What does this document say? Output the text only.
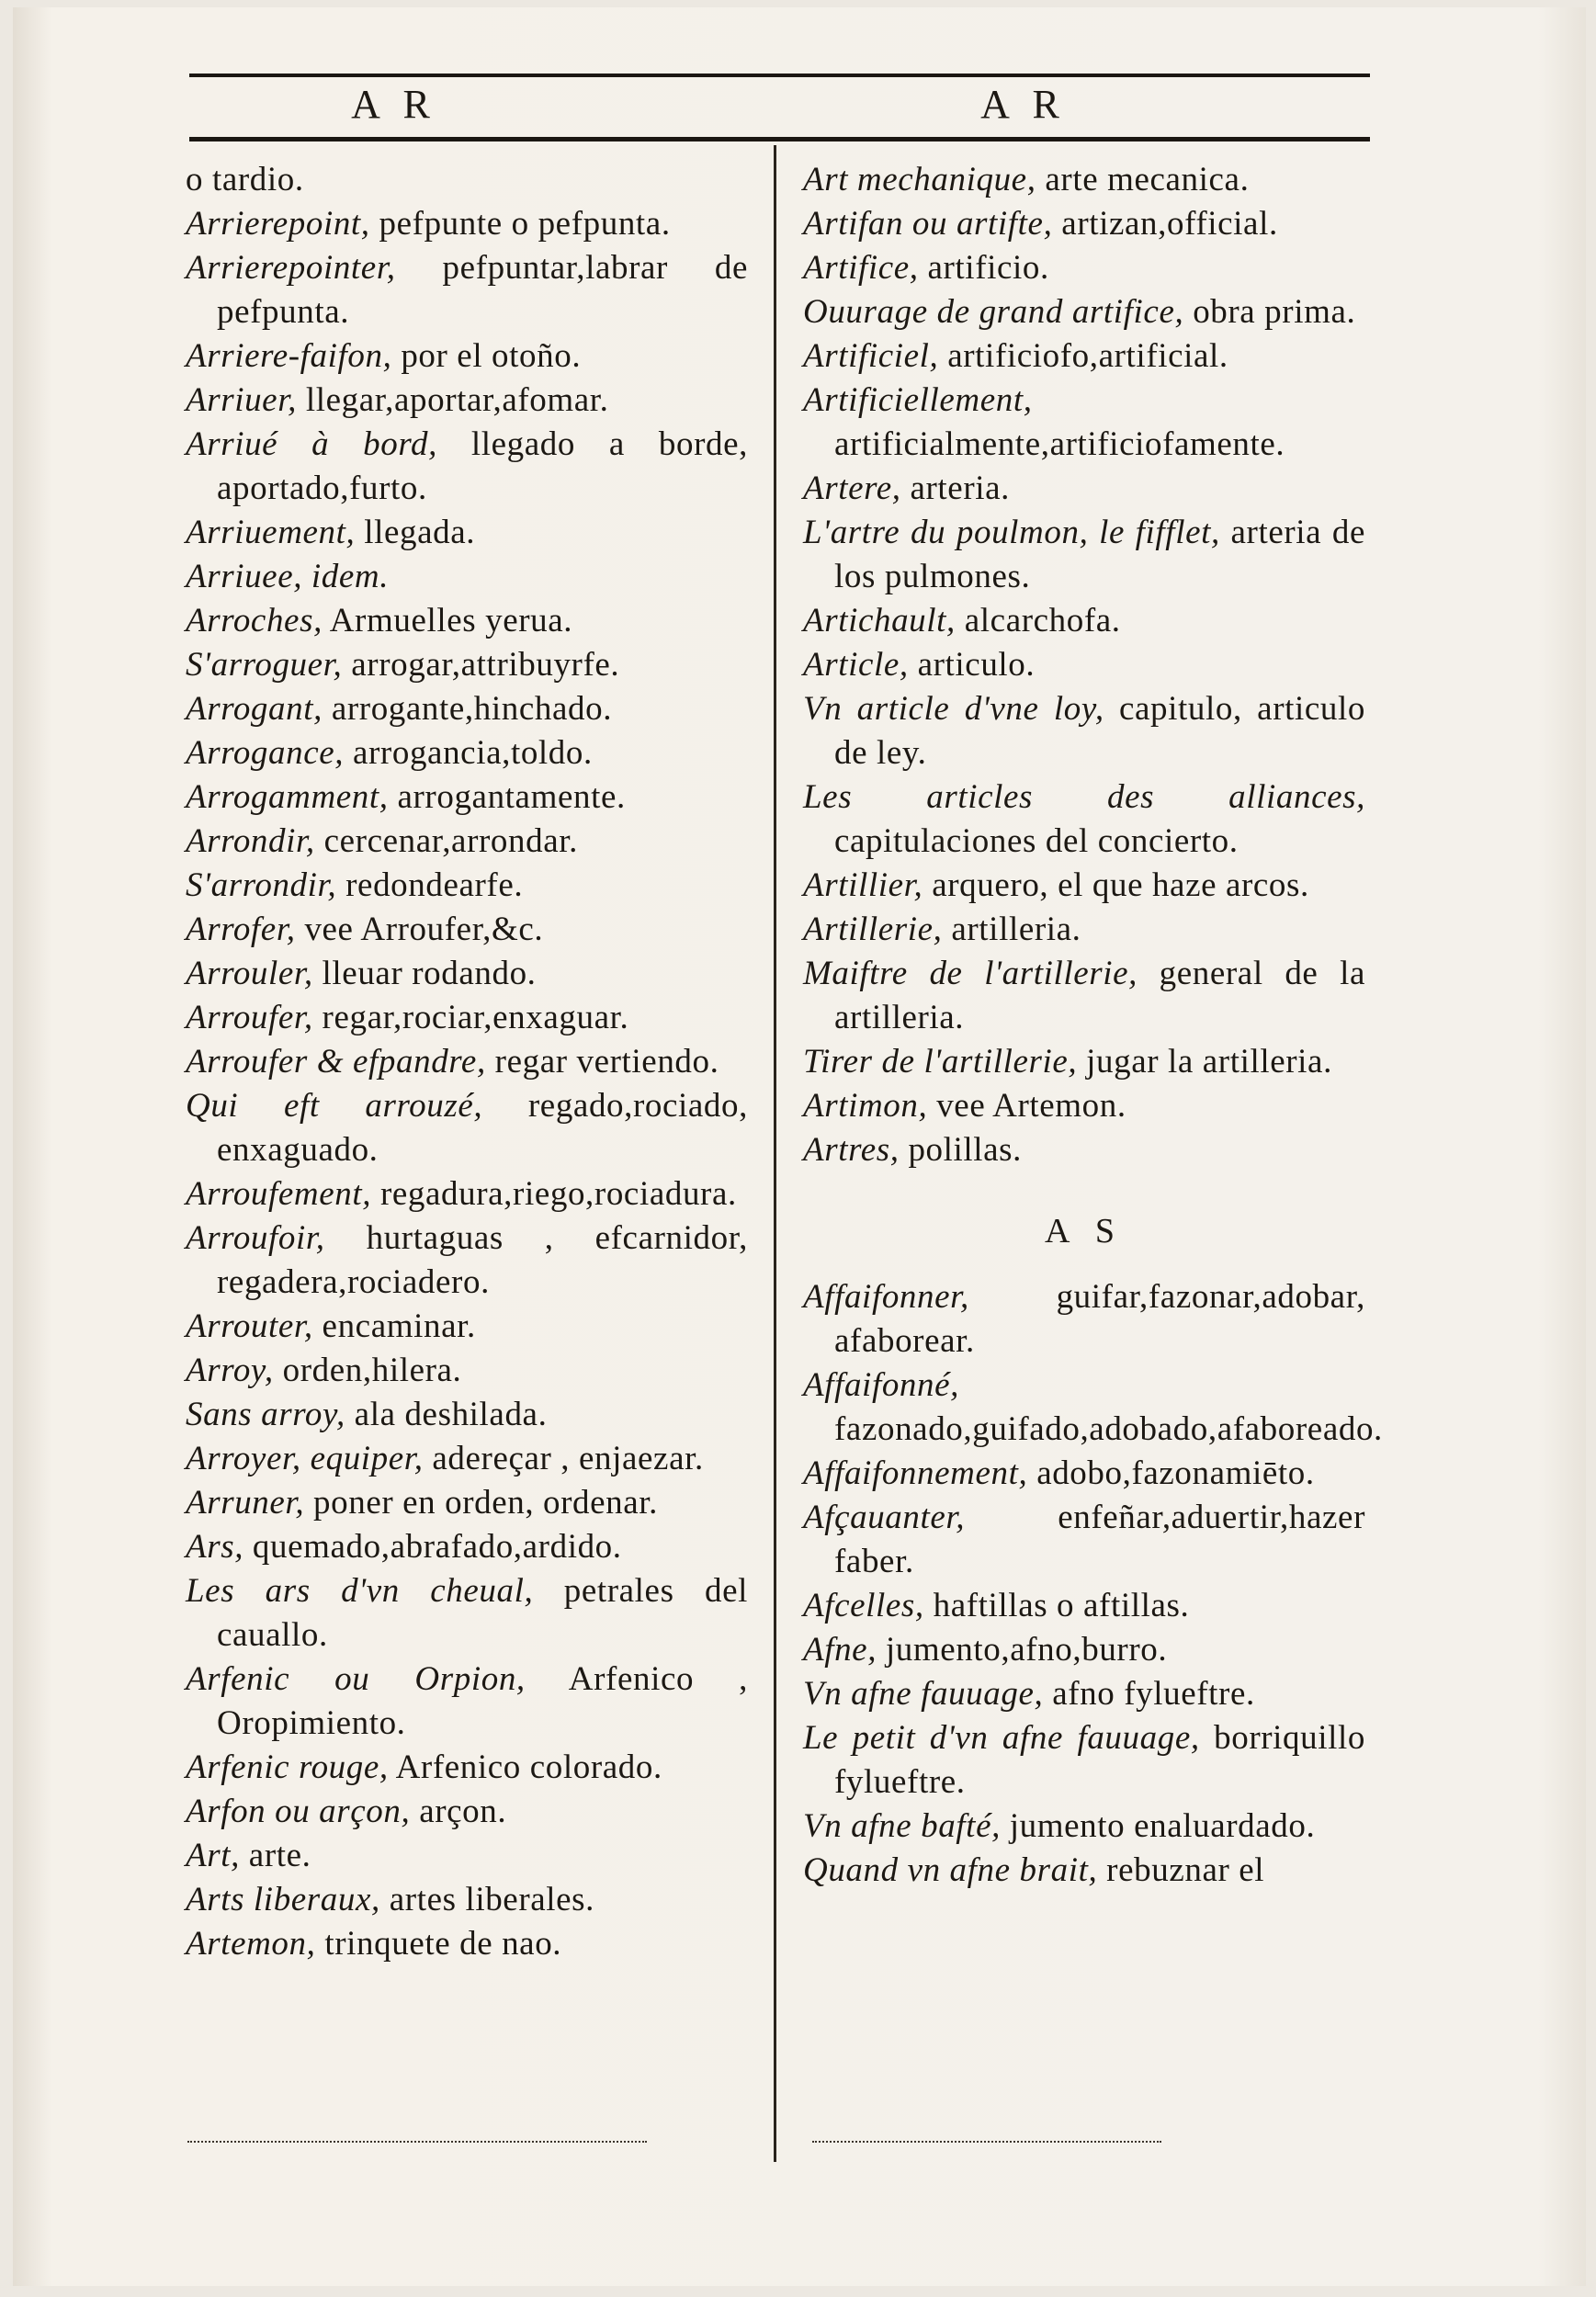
A R	A R

o tardio.

Arrierepoint, pefpunte o pefpunta.

Arrierepointer, pefpuntar,labrar de pefpunta.

Arriere-faifon, por el otoño.

Arriuer, llegar,aportar,afomar.

Arriué à bord, llegado a borde, aportado,furto.

Arriuement, llegada.

Arriuee, idem.

Arroches, Armuelles yerua.

S'arroguer, arrogar,attribuyrfe.

Arrogant, arrogante,hinchado.

Arrogance, arrogancia,toldo.

Arrogamment, arrogantamente.

Arrondir, cercenar,arrondar.

S'arrondir, redondearfe.

Arrofer, vee Arroufer,&c.

Arrouler, lleuar rodando.

Arroufer, regar,rociar,enxaguar.

Arroufer & efpandre, regar vertiendo.

Qui eft arrouzé, regado,rociado, enxaguado.

Arroufement, regadura,riego,rociadura.

Arroufoir, hurtaguas , efcarnidor, regadera,rociadero.

Arrouter, encaminar.

Arroy, orden,hilera.

Sans arroy, ala deshilada.

Arroyer, equiper, adereçar , enjaezar.

Arruner, poner en orden, ordenar.

Ars, quemado,abrafado,ardido.

Les ars d'vn cheual, petrales del cauallo.

Arfenic ou Orpion, Arfenico , Oropimiento.

Arfenic rouge, Arfenico colorado.

Arfon ou arçon, arçon.

Art, arte.

Arts liberaux, artes liberales.

Artemon, trinquete de nao.

Art mechanique, arte mecanica.

Artifan ou artifte, artizan,official.

Artifice, artificio.

Ouurage de grand artifice, obra prima.

Artificiel, artificiofo,artificial.

Artificiellement, artificialmente,artificiofamente.

Artere, arteria.

L'artre du poulmon, le fifflet, arteria de los pulmones.

Artichault, alcarchofa.

Article, articulo.

Vn article d'vne loy, capitulo, articulo de ley.

Les articles des alliances, capitulaciones del concierto.

Artillier, arquero, el que haze arcos.

Artillerie, artilleria.

Maiftre de l'artillerie, general de la artilleria.

Tirer de l'artillerie, jugar la artilleria.

Artimon, vee Artemon.

Artres, polillas.

A S

Affaifonner,	guifar,fazonar,adobar, afaborear.

Affaifonné, fazonado,guifado,adobado,afaboreado.

Affaifonnement, adobo,fazonamiēto.

Afçauanter,	enfeñar,aduertir,hazer faber.

Afcelles, haftillas o aftillas.

Afne, jumento,afno,burro.

Vn afne fauuage, afno fylueftre.

Le petit d'vn afne fauuage, borriquillo fylueftre.

Vn afne bafté, jumento enaluardado.

Quand vn afne brait, rebuznar el
